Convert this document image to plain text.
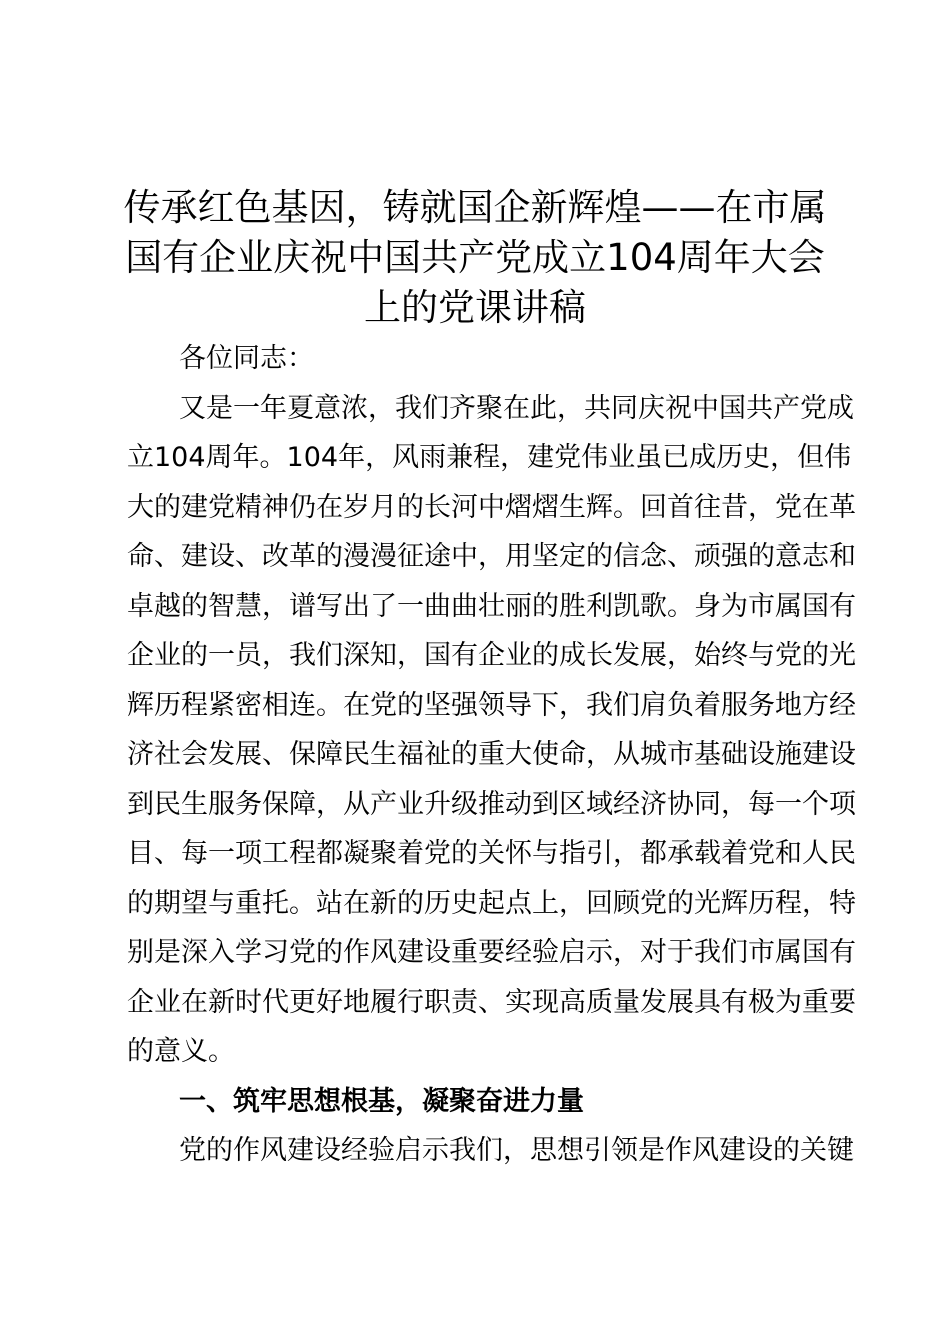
传承红色基因，铸就国企新辉煌——在市属
国有企业庆祝中国共产党成立104周年大会
上的党课讲稿

各位同志：

又是一年夏意浓，我们齐聚在此，共同庆祝中国共产党成
立104周年。104年，风雨兼程，建党伟业虽已成历史，但伟
大的建党精神仍在岁月的长河中熠熠生辉。回首往昔，党在革
命、建设、改革的漫漫征途中，用坚定的信念、顽强的意志和
卓越的智慧，谱写出了一曲曲壮丽的胜利凯歌。身为市属国有
企业的一员，我们深知，国有企业的成长发展，始终与党的光
辉历程紧密相连。在党的坚强领导下，我们肩负着服务地方经
济社会发展、保障民生福祉的重大使命，从城市基础设施建设
到民生服务保障，从产业升级推动到区域经济协同，每一个项
目、每一项工程都凝聚着党的关怀与指引，都承载着党和人民
的期望与重托。站在新的历史起点上，回顾党的光辉历程，特
别是深入学习党的作风建设重要经验启示，对于我们市属国有
企业在新时代更好地履行职责、实现高质量发展具有极为重要
的意义。

一、筑牢思想根基，凝聚奋进力量

党的作风建设经验启示我们，思想引领是作风建设的关键
